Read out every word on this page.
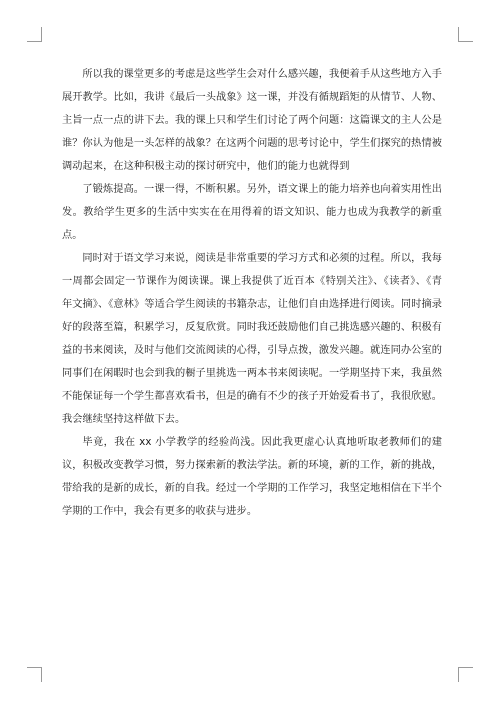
所以我的课堂更多的考虑是这些学生会对什么感兴趣，我便着手从这些地方入手展开教学。比如，我讲《最后一头战象》这一课，并没有循规蹈矩的从情节、人物、主旨一点一点的讲下去。我的课上只和学生们讨论了两个问题：这篇课文的主人公是谁？你认为他是一头怎样的战象？在这两个问题的思考讨论中，学生们探究的热情被调动起来，在这种积极主动的探讨研究中，他们的能力也就得到

了锻炼提高。一课一得，不断积累。另外，语文课上的能力培养也向着实用性出发。教给学生更多的生活中实实在在用得着的语文知识、能力也成为我教学的新重点。

同时对于语文学习来说，阅读是非常重要的学习方式和必须的过程。所以，我每一周都会固定一节课作为阅读课。课上我提供了近百本《特别关注》、《读者》、《青年文摘》、《意林》等适合学生阅读的书籍杂志，让他们自由选择进行阅读。同时摘录好的段落至篇，积累学习，反复欣赏。同时我还鼓励他们自己挑选感兴趣的、积极有益的书来阅读，及时与他们交流阅读的心得，引导点拨，激发兴趣。就连同办公室的同事们在闲暇时也会到我的橱子里挑选一两本书来阅读呢。一学期坚持下来，我虽然不能保证每一个学生都喜欢看书，但是的确有不少的孩子开始爱看书了，我很欣慰。我会继续坚持这样做下去。

毕竟，我在 xx 小学教学的经验尚浅。因此我更虚心认真地听取老教师们的建议，积极改变教学习惯，努力探索新的教法学法。新的环境，新的工作，新的挑战，带给我的是新的成长，新的自我。经过一个学期的工作学习，我坚定地相信在下半个学期的工作中，我会有更多的收获与进步。
